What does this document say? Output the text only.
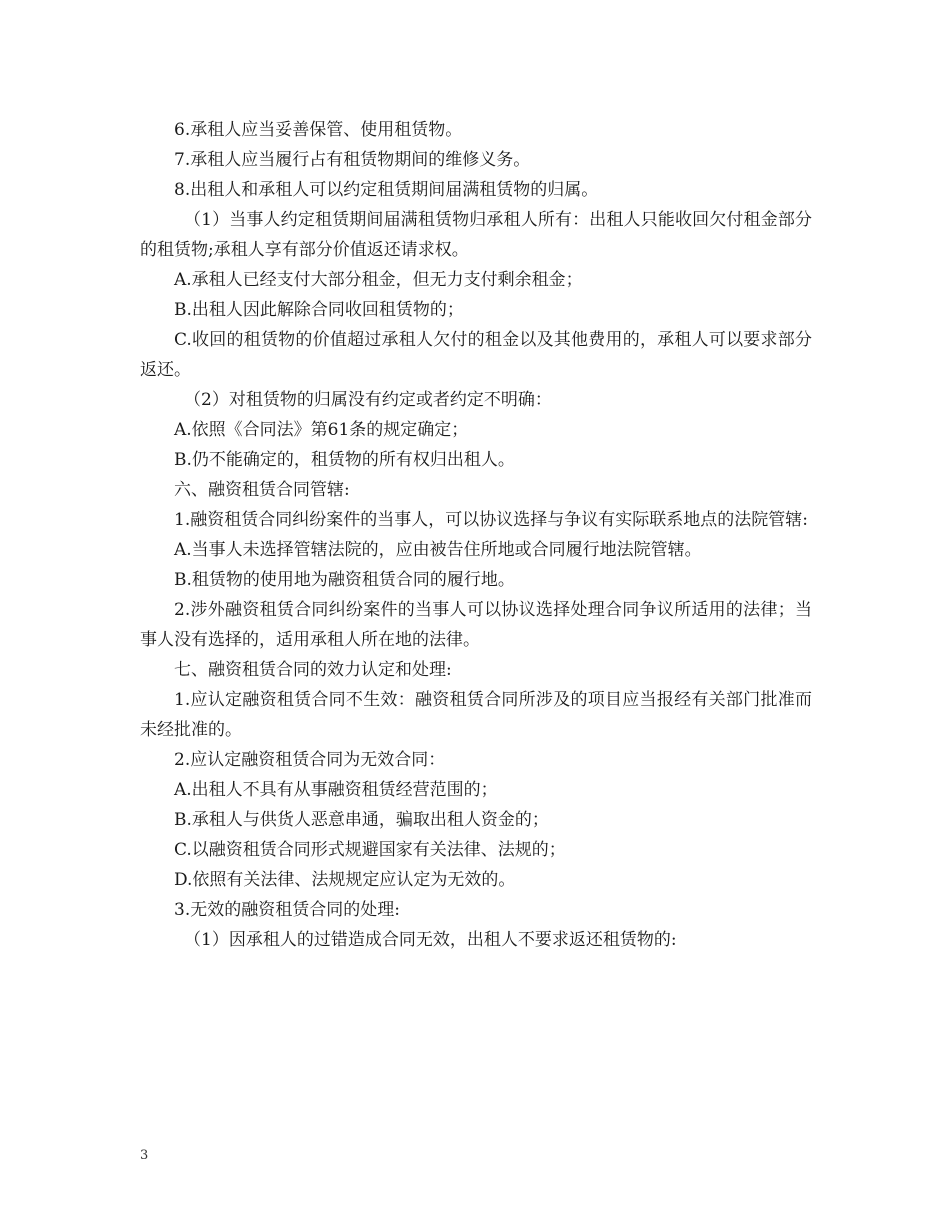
6.承租人应当妥善保管、使用租赁物。

7.承租人应当履行占有租赁物期间的维修义务。

8.出租人和承租人可以约定租赁期间届满租赁物的归属。

（1）当事人约定租赁期间届满租赁物归承租人所有：出租人只能收回欠付租金部分的租赁物;承租人享有部分价值返还请求权。

A.承租人已经支付大部分租金，但无力支付剩余租金；

B.出租人因此解除合同收回租赁物的；

C.收回的租赁物的价值超过承租人欠付的租金以及其他费用的，承租人可以要求部分返还。

（2）对租赁物的归属没有约定或者约定不明确：

A.依照《合同法》第61条的规定确定；

B.仍不能确定的，租赁物的所有权归出租人。

六、融资租赁合同管辖:

1.融资租赁合同纠纷案件的当事人，可以协议选择与争议有实际联系地点的法院管辖:

A.当事人未选择管辖法院的，应由被告住所地或合同履行地法院管辖。

B.租赁物的使用地为融资租赁合同的履行地。

2.涉外融资租赁合同纠纷案件的当事人可以协议选择处理合同争议所适用的法律；当事人没有选择的，适用承租人所在地的法律。

七、融资租赁合同的效力认定和处理:

1.应认定融资租赁合同不生效：融资租赁合同所涉及的项目应当报经有关部门批准而未经批准的。

2.应认定融资租赁合同为无效合同：

A.出租人不具有从事融资租赁经营范围的；

B.承租人与供货人恶意串通，骗取出租人资金的；

C.以融资租赁合同形式规避国家有关法律、法规的；

D.依照有关法律、法规规定应认定为无效的。

3.无效的融资租赁合同的处理:

（1）因承租人的过错造成合同无效，出租人不要求返还租赁物的:

3
